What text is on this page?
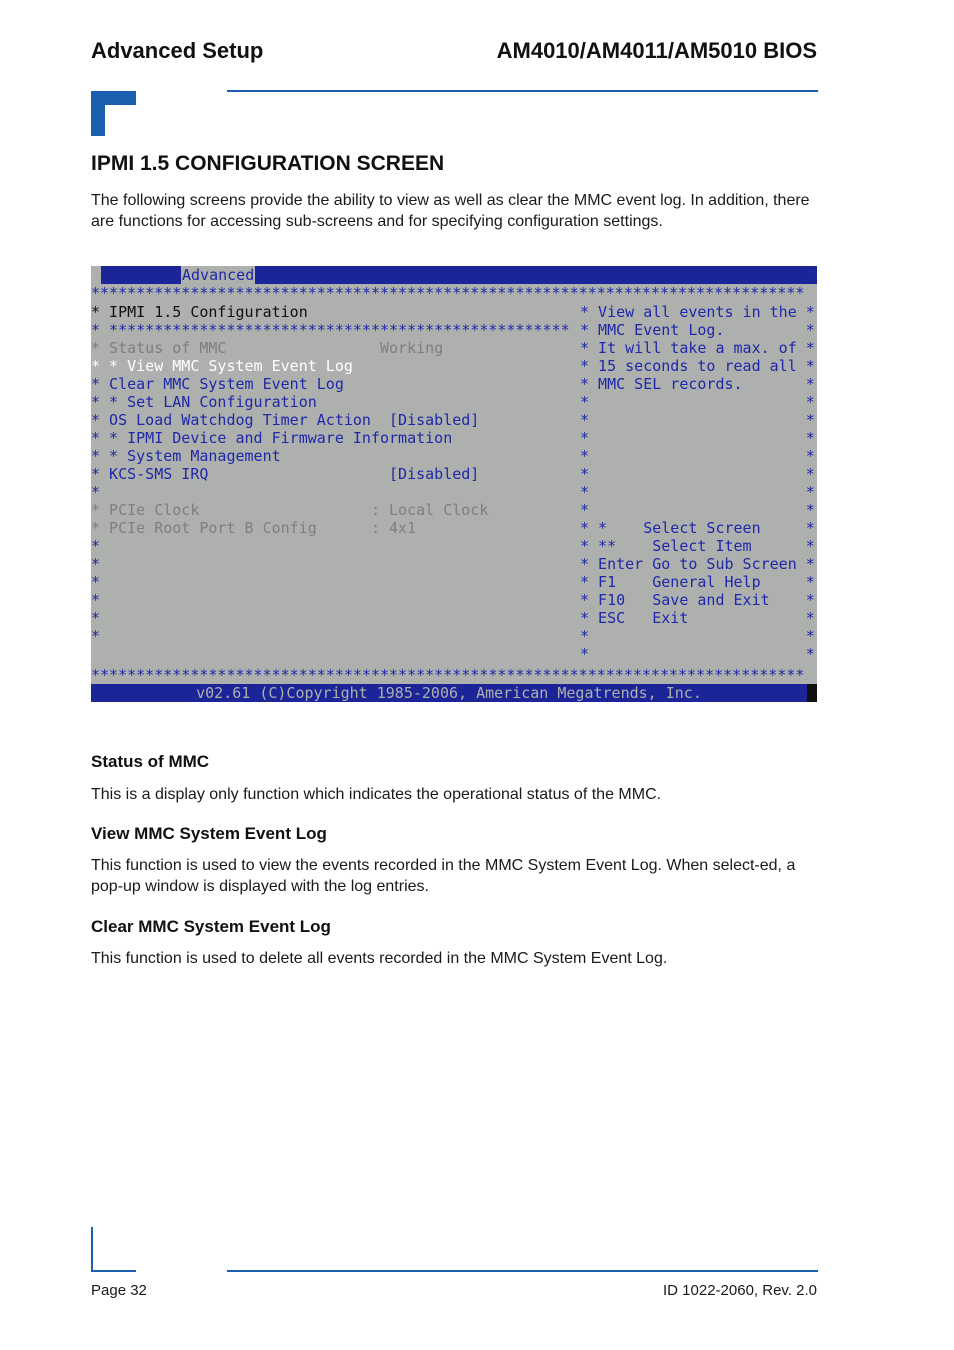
Advanced Setup	AM4010/AM4011/AM5010 BIOS
IPMI 1.5 CONFIGURATION SCREEN
The following screens provide the ability to view as well as clear the MMC event log. In addition, there are functions for accessing sub-screens and for specifying configuration settings.
Advanced	*
*******************************************************************************
* IPMI 1.5 Configuration
* ***************************************************
* Status of MMC                 Working
* * View MMC System Event Log
* Clear MMC System Event Log
* * Set LAN Configuration
* OS Load Watchdog Timer Action  [Disabled]
* * IPMI Device and Firmware Information
* * System Management
* KCS-SMS IRQ                    [Disabled]
*
* PCIe Clock                   : Local Clock
* PCIe Root Port B Config      : 4x1
*
*
*
*
*
*
* View all events in the *
* MMC Event Log.         *
* It will take a max. of *
* 15 seconds to read all *
* MMC SEL records.       *
*                        *
*                        *
*                        *
*                        *
*                        *
*                        *
*                        *
* *    Select Screen     *
* **    Select Item      *
* Enter Go to Sub Screen *
* F1    General Help     *
* F10   Save and Exit    *
* ESC   Exit             *
*                        *
*                        *
*******************************************************************************
v02.61 (C)Copyright 1985-2006, American Megatrends, Inc.
Status of MMC
This is a display only function which indicates the operational status of the MMC.
View MMC System Event Log
This function is used to view the events recorded in the MMC System Event Log. When select-ed, a pop-up window is displayed with the log entries.
Clear MMC System Event Log
This function is used to delete all events recorded in the MMC System Event Log.
Page 32	ID 1022-2060, Rev. 2.0
